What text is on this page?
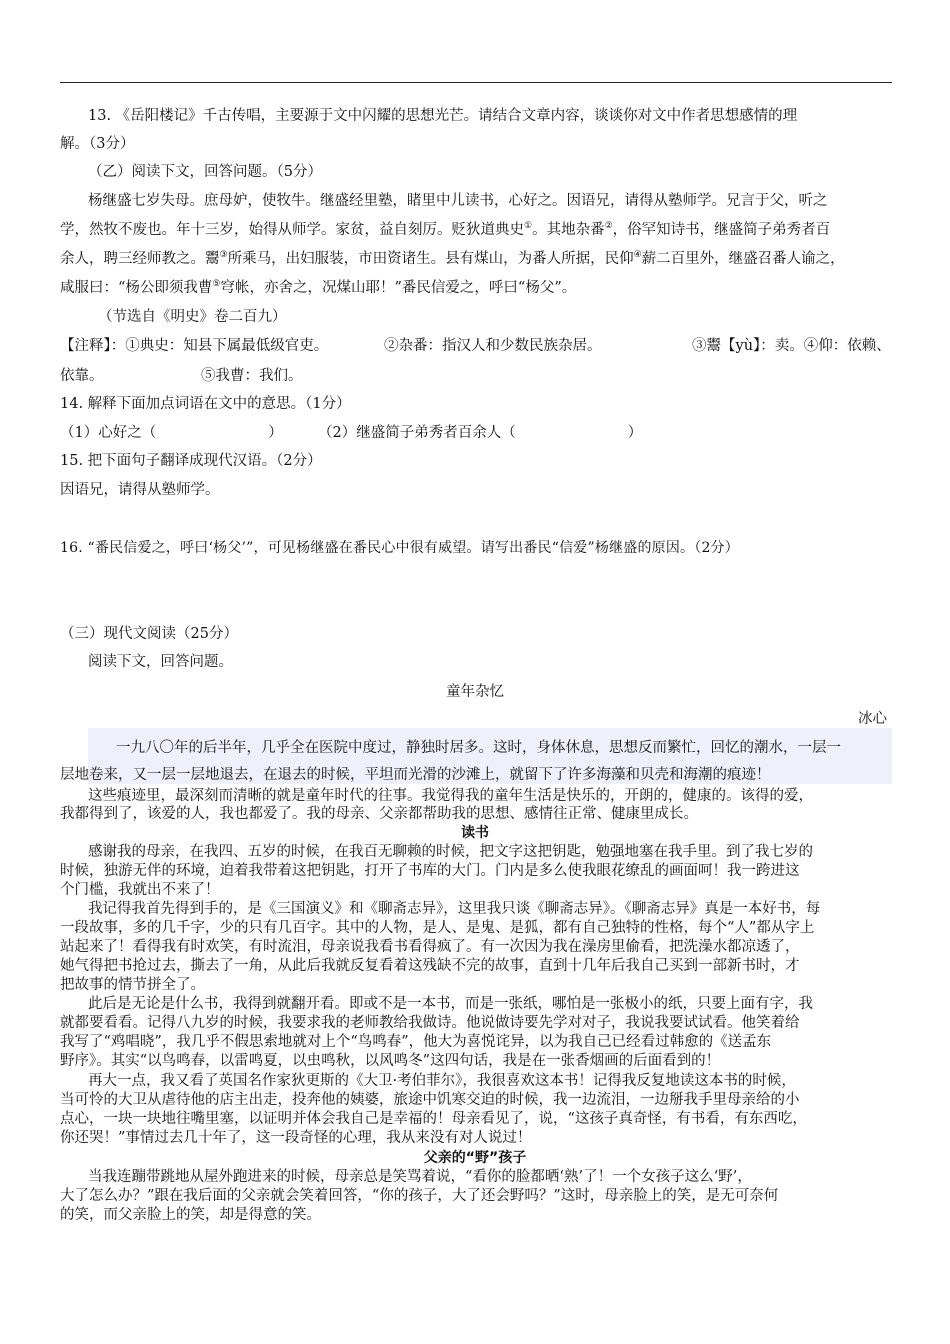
13. 《岳阳楼记》千古传唱，主要源于文中闪耀的思想光芒。请结合文章内容，谈谈你对文中作者思想感情的理
解。（3分）
（乙）阅读下文，回答问题。（5分）
杨继盛七岁失母。庶母妒，使牧牛。继盛经里塾，睹里中儿读书，心好之。因语兄，请得从塾师学。兄言于父，听之
学，然牧不废也。年十三岁，始得从师学。家贫，益自刻厉。贬狄道典史①。其地杂番②，俗罕知诗书，继盛简子弟秀者百
余人，聘三经师教之。鬻③所乘马，出妇服装，市田资诸生。县有煤山，为番人所据，民仰④薪二百里外，继盛召番人谕之，
咸服曰：“杨公即须我曹⑤穹帐，亦舍之，况煤山耶！”番民信爱之，呼曰“杨父”。
（节选自《明史》卷二百九）
【注释】：①典史：知县下属最低级官吏。	②杂番：指汉人和少数民族杂居。	③鬻【yù】：卖。④仰：依赖、
依靠。	⑤我曹：我们。
14. 解释下面加点词语在文中的意思。（1分）
（1）心好之（	） （2）继盛简子弟秀者百余人（	）
15. 把下面句子翻译成现代汉语。（2分）
因语兄，请得从塾师学。
16. “番民信爱之，呼曰‘杨父’”，可见杨继盛在番民心中很有威望。请写出番民“信爱”杨继盛的原因。（2分）
（三）现代文阅读（25分）
阅读下文，回答问题。
童年杂忆
冰心
一九八〇年的后半年，几乎全在医院中度过，静独时居多。这时，身体休息，思想反而繁忙，回忆的潮水，一层一
层地卷来，又一层一层地退去，在退去的时候，平坦而光滑的沙滩上，就留下了许多海藻和贝壳和海潮的痕迹！
这些痕迹里，最深刻而清晰的就是童年时代的往事。我觉得我的童年生活是快乐的，开朗的，健康的。该得的爱，
我都得到了，该爱的人，我也都爱了。我的母亲、父亲都帮助我的思想、感情往正常、健康里成长。
读书
感谢我的母亲，在我四、五岁的时候，在我百无聊赖的时候，把文字这把钥匙，勉强地塞在我手里。到了我七岁的
时候，独游无伴的环境，迫着我带着这把钥匙，打开了书库的大门。门内是多么使我眼花缭乱的画面呵！我一跨进这
个门槛，我就出不来了！
我记得我首先得到手的，是《三国演义》和《聊斋志异》，这里我只谈《聊斋志异》。《聊斋志异》真是一本好书，每
一段故事，多的几千字，少的只有几百字。其中的人物，是人、是鬼、是狐，都有自己独特的性格，每个“人”都从字上
站起来了！看得我有时欢笑，有时流泪，母亲说我看书看得疯了。有一次因为我在澡房里偷看，把洗澡水都凉透了，
她气得把书抢过去，撕去了一角，从此后我就反复看着这残缺不完的故事，直到十几年后我自己买到一部新书时，才
把故事的情节拼全了。
此后是无论是什么书，我得到就翻开看。即或不是一本书，而是一张纸，哪怕是一张极小的纸，只要上面有字，我
就都要看看。记得八九岁的时候，我要求我的老师教给我做诗。他说做诗要先学对对子，我说我要试试看。他笑着给
我写了“鸡唱晓”，我几乎不假思索地就对上个“鸟鸣春”，他大为喜悦诧异，以为我自己已经看过韩愈的《送孟东
野序》。其实“以鸟鸣春，以雷鸣夏，以虫鸣秋，以风鸣冬”这四句话，我是在一张香烟画的后面看到的！
再大一点，我又看了英国名作家狄更斯的《大卫·考伯菲尔》，我很喜欢这本书！记得我反复地读这本书的时候，
当可怜的大卫从虐待他的店主出走，投奔他的姨婆，旅途中饥寒交迫的时候，我一边流泪，一边掰我手里母亲给的小
点心，一块一块地往嘴里塞，以证明并体会我自己是幸福的！母亲看见了，说，“这孩子真奇怪，有书看，有东西吃，
你还哭！”事情过去几十年了，这一段奇怪的心理，我从来没有对人说过！
父亲的“野”孩子
当我连蹦带跳地从屋外跑进来的时候，母亲总是笑骂着说，“看你的脸都晒‘熟’了！一个女孩子这么‘野’，
大了怎么办？”跟在我后面的父亲就会笑着回答，“你的孩子，大了还会野吗？”这时，母亲脸上的笑，是无可奈何
的笑，而父亲脸上的笑，却是得意的笑。
